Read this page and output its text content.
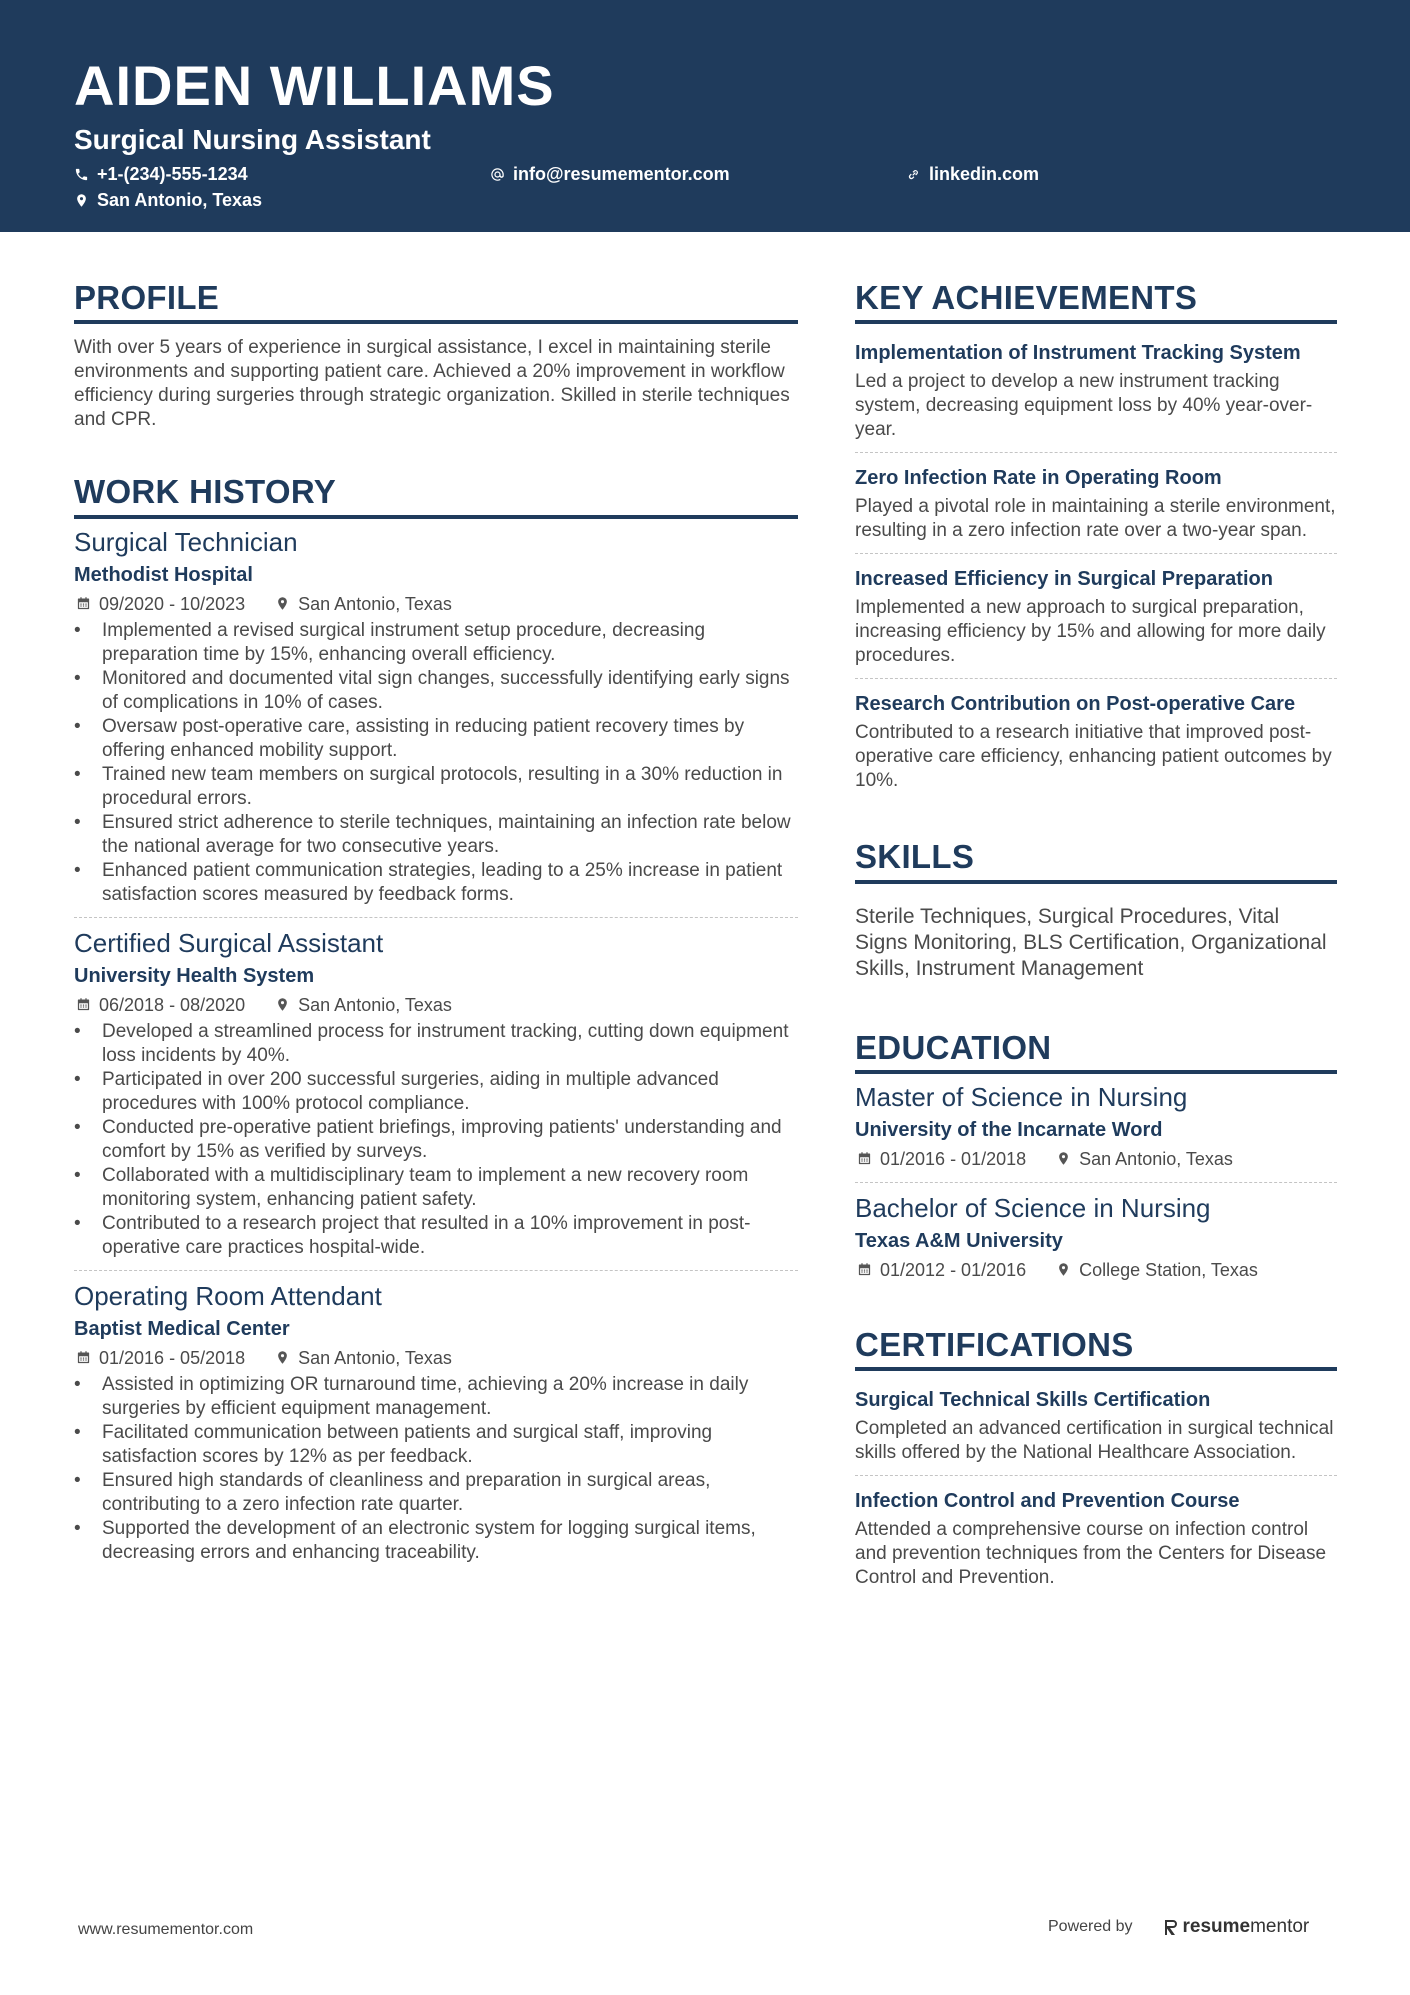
AIDEN WILLIAMS
Surgical Nursing Assistant
+1-(234)-555-1234	info@resumementor.com	linkedin.com
San Antonio, Texas
PROFILE
With over 5 years of experience in surgical assistance, I excel in maintaining sterile environments and supporting patient care. Achieved a 20% improvement in workflow efficiency during surgeries through strategic organization. Skilled in sterile techniques and CPR.
WORK HISTORY
Surgical Technician
Methodist Hospital
09/2020 - 10/2023	San Antonio, Texas
• Implemented a revised surgical instrument setup procedure, decreasing preparation time by 15%, enhancing overall efficiency.
• Monitored and documented vital sign changes, successfully identifying early signs of complications in 10% of cases.
• Oversaw post-operative care, assisting in reducing patient recovery times by offering enhanced mobility support.
• Trained new team members on surgical protocols, resulting in a 30% reduction in procedural errors.
• Ensured strict adherence to sterile techniques, maintaining an infection rate below the national average for two consecutive years.
• Enhanced patient communication strategies, leading to a 25% increase in patient satisfaction scores measured by feedback forms.
Certified Surgical Assistant
University Health System
06/2018 - 08/2020	San Antonio, Texas
• Developed a streamlined process for instrument tracking, cutting down equipment loss incidents by 40%.
• Participated in over 200 successful surgeries, aiding in multiple advanced procedures with 100% protocol compliance.
• Conducted pre-operative patient briefings, improving patients' understanding and comfort by 15% as verified by surveys.
• Collaborated with a multidisciplinary team to implement a new recovery room monitoring system, enhancing patient safety.
• Contributed to a research project that resulted in a 10% improvement in post-operative care practices hospital-wide.
Operating Room Attendant
Baptist Medical Center
01/2016 - 05/2018	San Antonio, Texas
• Assisted in optimizing OR turnaround time, achieving a 20% increase in daily surgeries by efficient equipment management.
• Facilitated communication between patients and surgical staff, improving satisfaction scores by 12% as per feedback.
• Ensured high standards of cleanliness and preparation in surgical areas, contributing to a zero infection rate quarter.
• Supported the development of an electronic system for logging surgical items, decreasing errors and enhancing traceability.
KEY ACHIEVEMENTS
Implementation of Instrument Tracking System
Led a project to develop a new instrument tracking system, decreasing equipment loss by 40% year-over-year.
Zero Infection Rate in Operating Room
Played a pivotal role in maintaining a sterile environment, resulting in a zero infection rate over a two-year span.
Increased Efficiency in Surgical Preparation
Implemented a new approach to surgical preparation, increasing efficiency by 15% and allowing for more daily procedures.
Research Contribution on Post-operative Care
Contributed to a research initiative that improved post-operative care efficiency, enhancing patient outcomes by 10%.
SKILLS
Sterile Techniques, Surgical Procedures, Vital Signs Monitoring, BLS Certification, Organizational Skills, Instrument Management
EDUCATION
Master of Science in Nursing
University of the Incarnate Word
01/2016 - 01/2018	San Antonio, Texas
Bachelor of Science in Nursing
Texas A&M University
01/2012 - 01/2016	College Station, Texas
CERTIFICATIONS
Surgical Technical Skills Certification
Completed an advanced certification in surgical technical skills offered by the National Healthcare Association.
Infection Control and Prevention Course
Attended a comprehensive course on infection control and prevention techniques from the Centers for Disease Control and Prevention.
www.resumementor.com	Powered by	resume mentor
